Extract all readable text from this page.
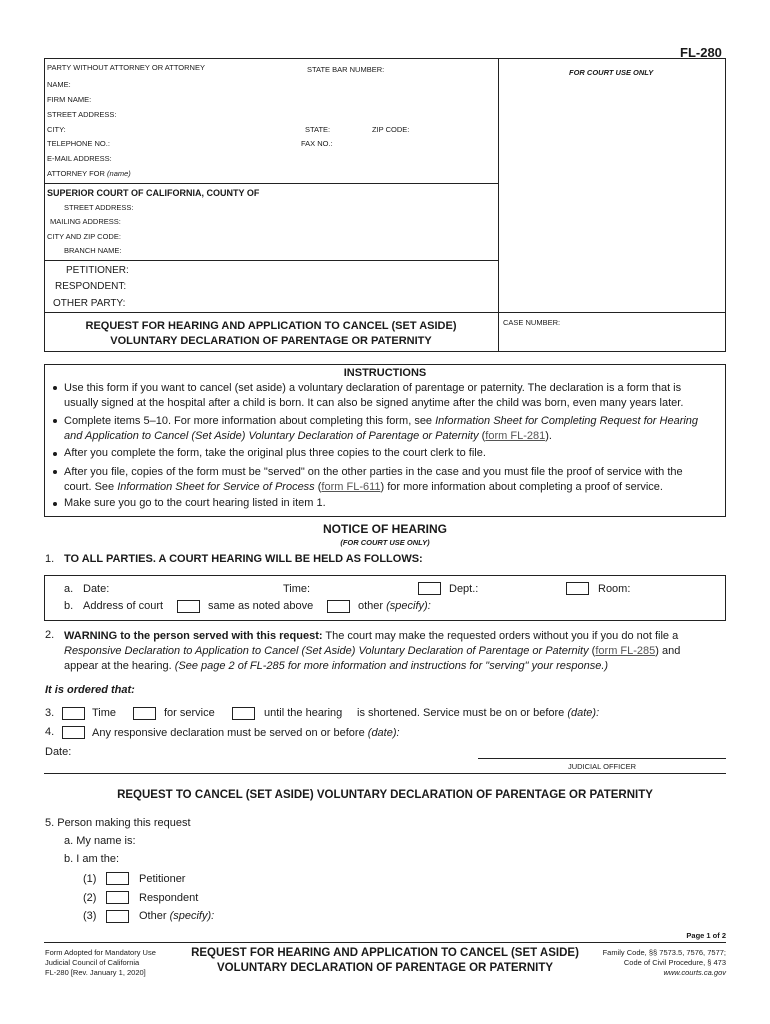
FL-280
PARTY WITHOUT ATTORNEY OR ATTORNEY	STATE BAR NUMBER:	FOR COURT USE ONLY
NAME:
FIRM NAME:
STREET ADDRESS:
CITY:	STATE:	ZIP CODE:
TELEPHONE NO.:	FAX NO.:
E-MAIL ADDRESS:
ATTORNEY FOR (name)
SUPERIOR COURT OF CALIFORNIA, COUNTY OF
STREET ADDRESS:
MAILING ADDRESS:
CITY AND ZIP CODE:
BRANCH NAME:
PETITIONER:
RESPONDENT:
OTHER PARTY:
REQUEST FOR HEARING AND APPLICATION TO CANCEL (SET ASIDE)
VOLUNTARY DECLARATION OF PARENTAGE OR PATERNITY
CASE NUMBER:
INSTRUCTIONS
Use this form if you want to cancel (set aside) a voluntary declaration of parentage or paternity. The declaration is a form that is
usually signed at the hospital after a child is born. It can also be signed anytime after the child was born, even many years later.
Complete items 5–10. For more information about completing this form, see Information Sheet for Completing Request for Hearing
and Application to Cancel (Set Aside) Voluntary Declaration of Parentage or Paternity (form FL-281).
After you complete the form, take the original plus three copies to the court clerk to file.
After you file, copies of the form must be "served" on the other parties in the case and you must file the proof of service with the
court. See Information Sheet for Service of Process (form FL-611) for more information about completing a proof of service.
Make sure you go to the court hearing listed in item 1.
NOTICE OF HEARING
(FOR COURT USE ONLY)
1. TO ALL PARTIES. A COURT HEARING WILL BE HELD AS FOLLOWS:
a. Date:	Time:	Dept.:	Room:
b. Address of court	same as noted above	other (specify):
2. WARNING to the person served with this request: The court may make the requested orders without you if you do not file a
Responsive Declaration to Application to Cancel (Set Aside) Voluntary Declaration of Parentage or Paternity (form FL-285) and
appear at the hearing. (See page 2 of FL-285 for more information and instructions for "serving" your response.)
It is ordered that:
3.	Time	for service	until the hearing is shortened. Service must be on or before (date):
4.	Any responsive declaration must be served on or before (date):
Date:
JUDICIAL OFFICER
REQUEST TO CANCEL (SET ASIDE) VOLUNTARY DECLARATION OF PARENTAGE OR PATERNITY
5. Person making this request
a. My name is:
b. I am the:
(1)	Petitioner
(2)	Respondent
(3)	Other (specify):
Page 1 of 2
Form Adopted for Mandatory Use
Judicial Council of California
FL-280 [Rev. January 1, 2020]
REQUEST FOR HEARING AND APPLICATION TO CANCEL (SET ASIDE)
VOLUNTARY DECLARATION OF PARENTAGE OR PATERNITY
Family Code, §§ 7573.5, 7576, 7577;
Code of Civil Procedure, § 473
www.courts.ca.gov
